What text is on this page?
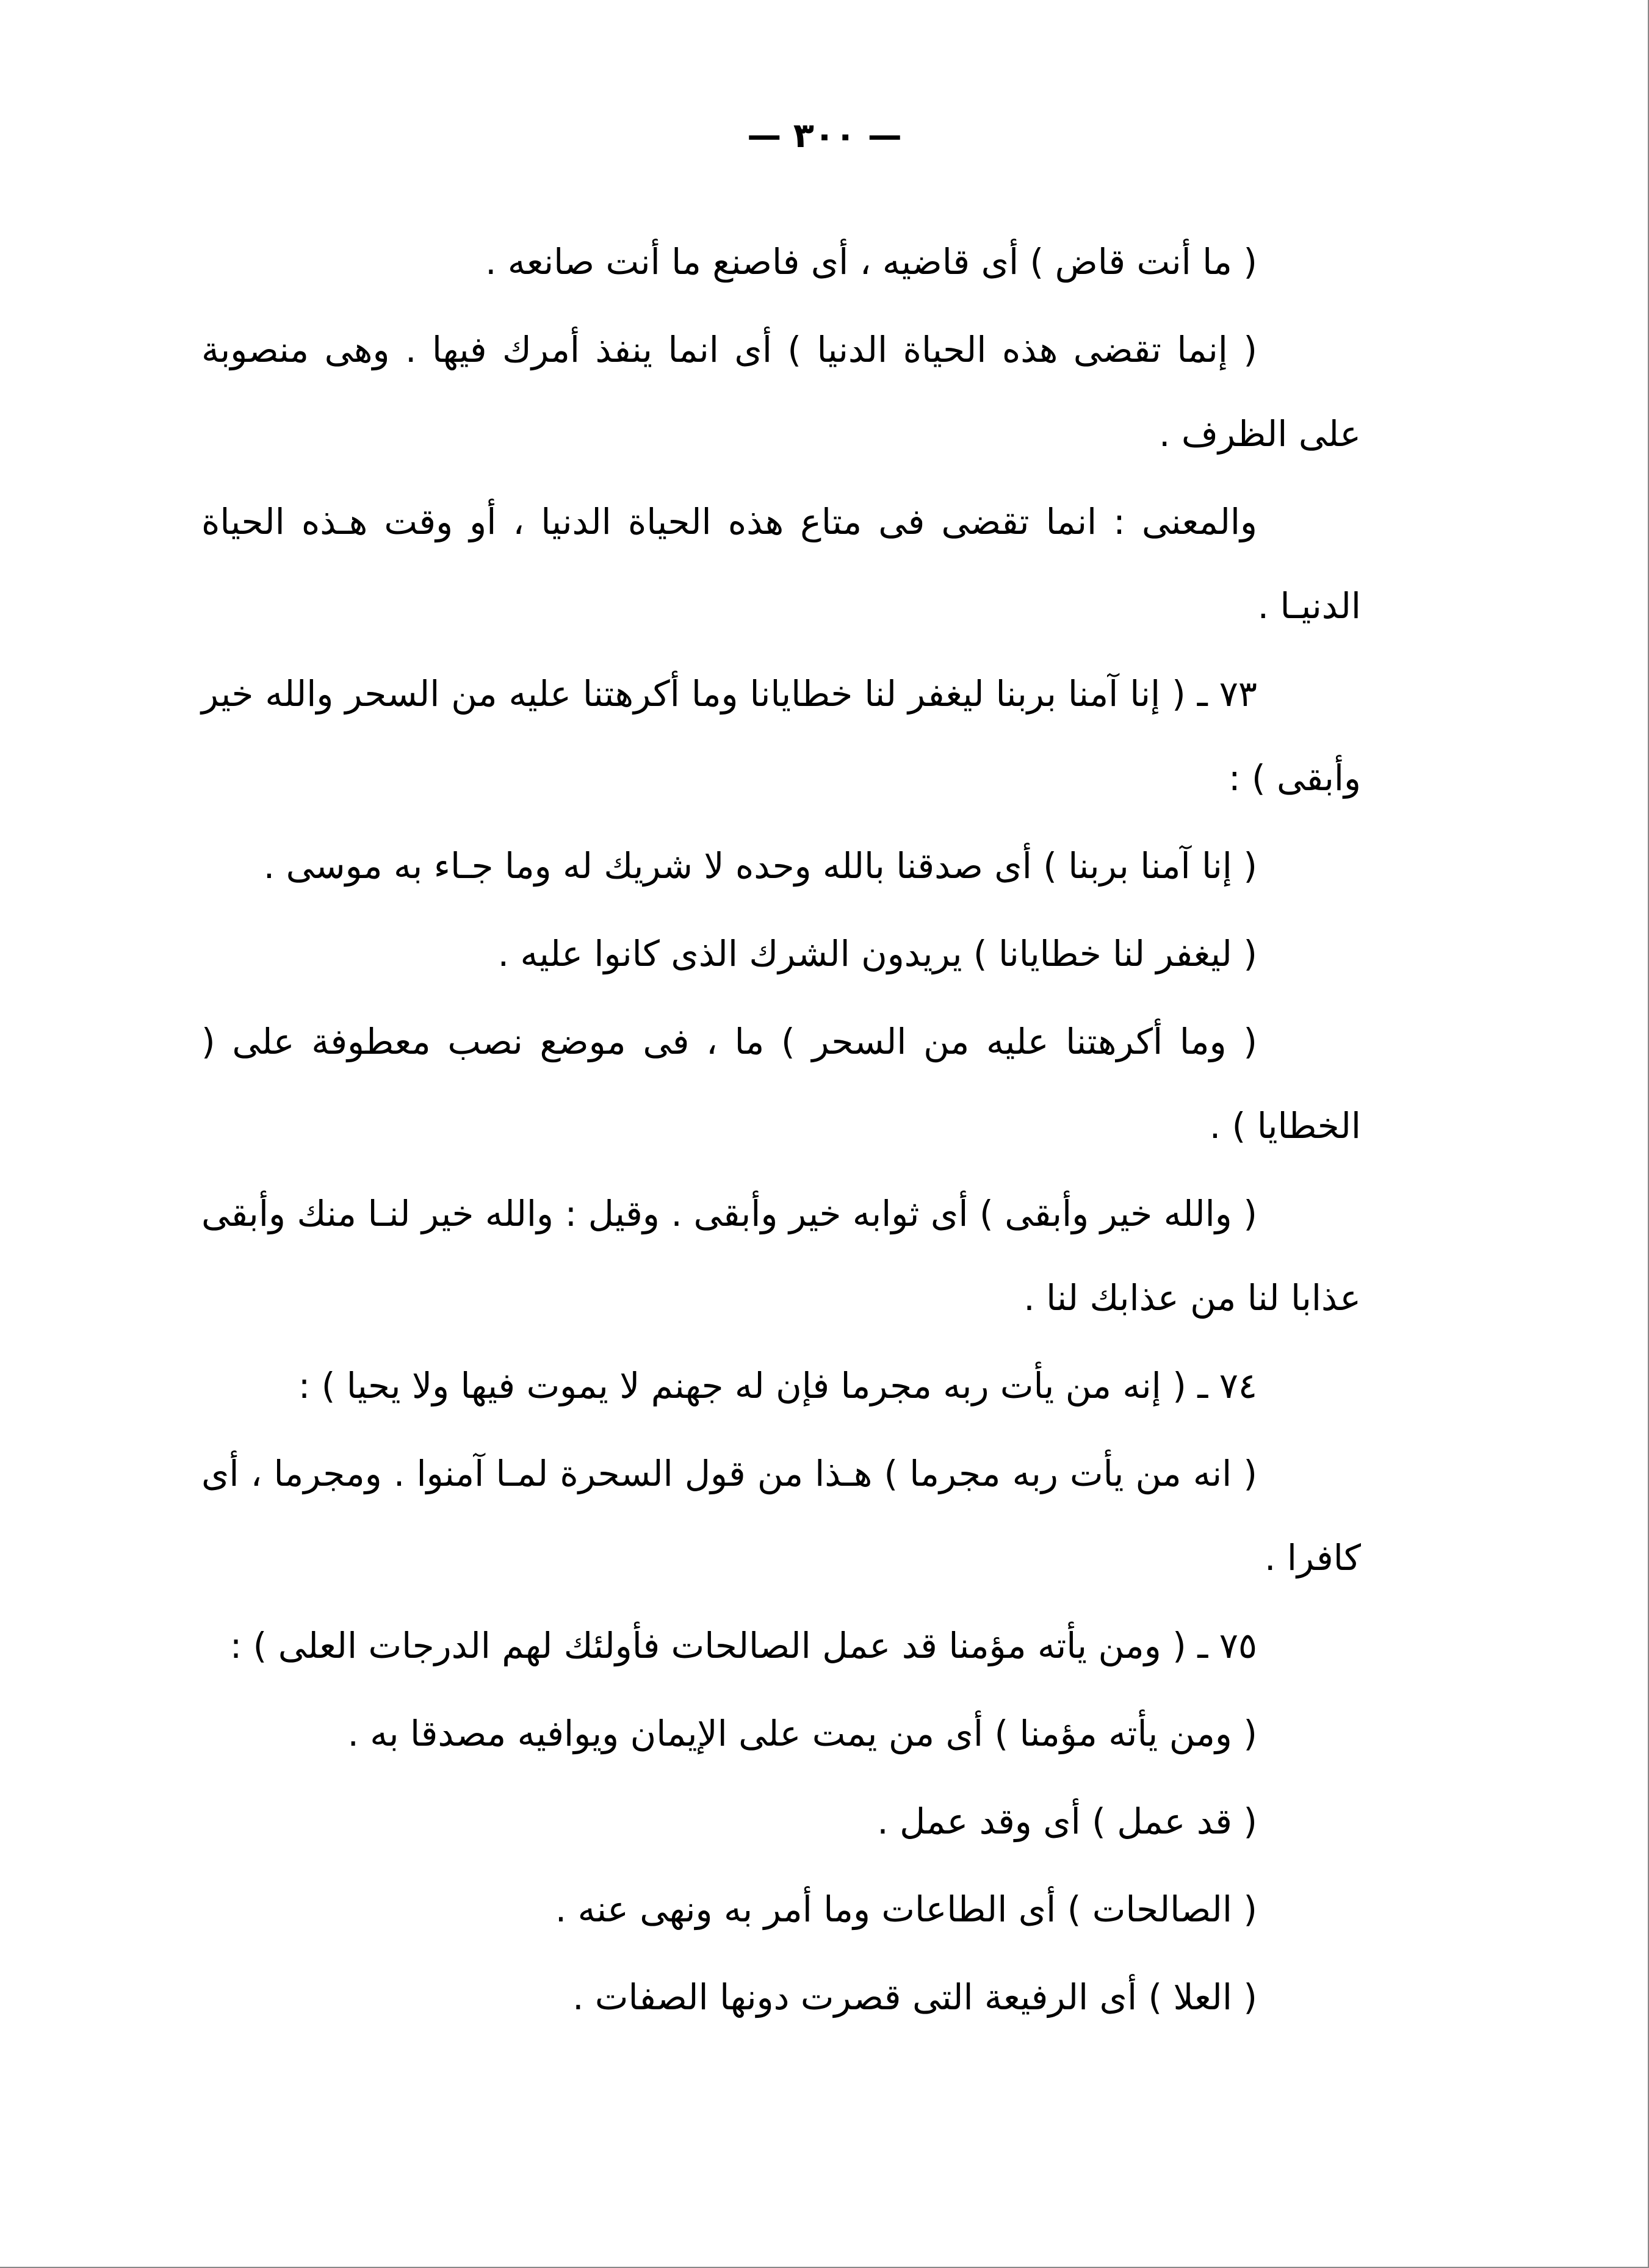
— ٣٠٠ —

( ما أنت قاض ) أى قاضيه ، أى فاصنع ما أنت صانعه .

( إنما تقضى هذه الحياة الدنيا ) أى انما ينفذ أمرك فيها . وهى منصوبة على الظرف .

والمعنى : انما تقضى فى متاع هذه الحياة الدنيا ، أو وقت هـذه الحياة الدنيـا .

٧٣ ـ ( إنا آمنا بربنا ليغفر لنا خطايانا وما أكرهتنا عليه من السحر والله خير وأبقى ) :

( إنا آمنا بربنا ) أى صدقنا بالله وحده لا شريك له وما جـاء به موسى .

( ليغفر لنا خطايانا ) يريدون الشرك الذى كانوا عليه .

( وما أكرهتنا عليه من السحر ) ما ، فى موضع نصب معطوفة على ( الخطايا ) .

( والله خير وأبقى ) أى ثوابه خير وأبقى . وقيل : والله خير لنـا منك وأبقى عذابا لنا من عذابك لنا .

٧٤ ـ ( إنه من يأت ربه مجرما فإن له جهنم لا يموت فيها ولا يحيا ) :

( انه من يأت ربه مجرما ) هـذا من قول السحرة لمـا آمنوا . ومجرما ، أى كافرا .

٧٥ ـ ( ومن يأته مؤمنا قد عمل الصالحات فأولئك لهم الدرجات العلى ) :

( ومن يأته مؤمنا ) أى من يمت على الإيمان ويوافيه مصدقا به .

( قد عمل ) أى وقد عمل .

( الصالحات ) أى الطاعات وما أمر به ونهى عنه .

( العلا ) أى الرفيعة التى قصرت دونها الصفات .
